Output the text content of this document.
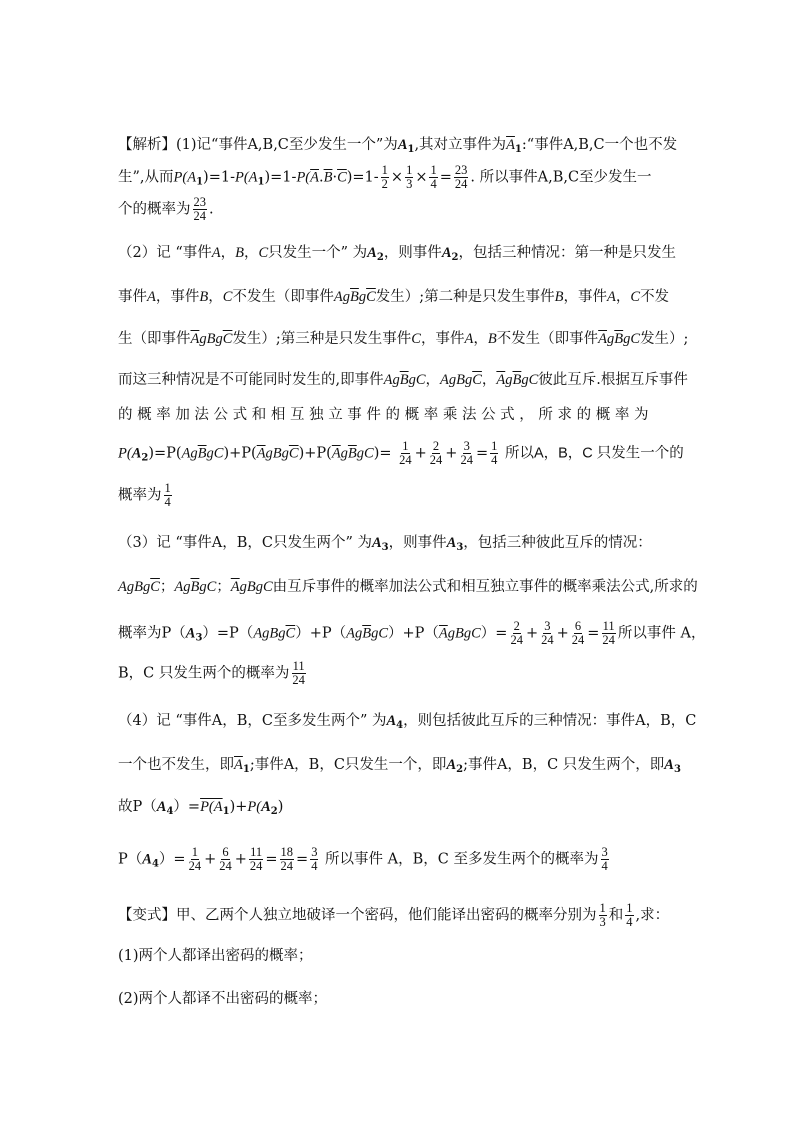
【解析】(1)记“事件A,B,C至少发生一个”为$A_1$,其对立事件为$\overline{A}_1:“$事件A,B,C一个也不发
生”,从而$P(A_1)=1-P(A_1)=1-P(\overline{A}.\overline{B}\cdot\overline{C})=1- \frac{1}{2} \times \frac{1}{3} \times \frac{1}{4} = \frac{23}{24}$ . 所以事件A,B,C至少发生一
个的概率为 $\frac{23}{24}$ .
（2）记 “事件A，B，C只发生一个” 为$A_2$，则事件$A_2$，包括三种情况：第一种是只发生
事件A，事件B，C不发生（即事件$Ag\overline{B}g\overline{C}$发生）;第二种是只发生事件B，事件A，C不发
生（即事件$\overline{A}gBg\overline{C}$发生）;第三种是只发生事件C，事件A，B不发生（即事件$\overline{A}g\overline{B}gC$发生）;
而这三种情况是不可能同时发生的,即事件$Ag\overline{B}gC$，$AgBg\overline{C}$，$\overline{A}g\overline{B}gC$彼此互斥.根据互斥事件
的 概 率 加 法 公 式 和 相 互 独 立 事 件 的 概 率 乘 法 公 式 ， 所 求 的 概 率 为
$P(A_2)=P(Ag\overline{B}gC)+P(\overline{A}gBg\overline{C})+P(\overline{A}g\overline{B}gC)= \frac{1}{24} + \frac{2}{24} + \frac{3}{24} = \frac{1}{4}$ 所以A，B，C 只发生一个的
概率为 $\frac{1}{4}$
（3）记 “事件A，B，C只发生两个” 为$A_3$，则事件$A_3$，包括三种彼此互斥的情况：
$AgBg\overline{C}$；$Ag\overline{B}gC$；$\overline{A}gBgC$由互斥事件的概率加法公式和相互独立事件的概率乘法公式,所求的
概率为$P(A_3)=P(AgBg\overline{C})+P(Ag\overline{B}gC)+P(\overline{A}gBgC)= \frac{2}{24} + \frac{3}{24} + \frac{6}{24} = \frac{11}{24}$ 所以事件 A，
B，C 只发生两个的概率为 $\frac{11}{24}$
（4）记 “事件A，B，C至多发生两个” 为$A_4$，则包括彼此互斥的三种情况：事件A，B，C
一个也不发生，即$\overline{A}_1$;事件A，B，C只发生一个，即$A_2$;事件A，B，C 只发生两个，即$A_3$
故$P(A_4)=P(A_1)+P(A_2)$
$P(A_4)= \frac{1}{24} + \frac{6}{24} + \frac{11}{24} = \frac{18}{24} = \frac{3}{4}$ 所以事件 A，B，C 至多发生两个的概率为 $\frac{3}{4}$
【变式】甲、乙两个人独立地破译一个密码，他们能译出密码的概率分别为 $\frac{1}{3}$ 和 $\frac{1}{4}$ ,求：
(1)两个人都译出密码的概率；
(2)两个人都译不出密码的概率；
